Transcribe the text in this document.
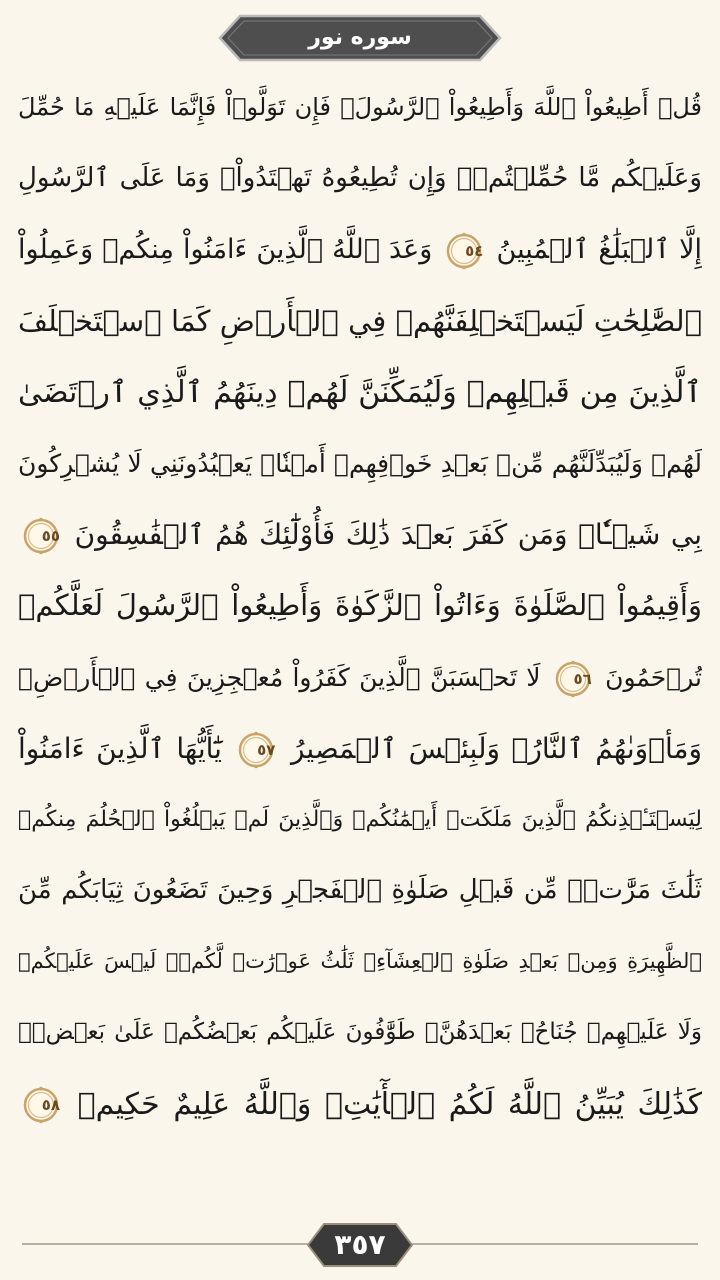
سوره نور
قُلۡ أَطِيعُواْ ٱللَّهَ وَأَطِيعُواْ ٱلرَّسُولَۖ فَإِن تَوَلَّوۡاْ فَإِنَّمَا عَلَيۡهِ مَا حُمِّلَ
وَعَلَيۡكُم مَّا حُمِّلۡتُمۡۖ وَإِن تُطِيعُوهُ تَهۡتَدُواْۚ وَمَا عَلَى ٱلرَّسُولِ
إِلَّا ٱلۡبَلَٰغُ ٱلۡمُبِينُ
٥٤
وَعَدَ ٱللَّهُ ٱلَّذِينَ ءَامَنُواْ مِنكُمۡ وَعَمِلُواْ
ٱلصَّٰلِحَٰتِ لَيَسۡتَخۡلِفَنَّهُمۡ فِي ٱلۡأَرۡضِ كَمَا ٱسۡتَخۡلَفَ
ٱلَّذِينَ مِن قَبۡلِهِمۡ وَلَيُمَكِّنَنَّ لَهُمۡ دِينَهُمُ ٱلَّذِي ٱرۡتَضَىٰ
لَهُمۡ وَلَيُبَدِّلَنَّهُم مِّنۢ بَعۡدِ خَوۡفِهِمۡ أَمۡنٗاۚ يَعۡبُدُونَنِي لَا يُشۡرِكُونَ
بِي شَيۡـٔٗاۚ وَمَن كَفَرَ بَعۡدَ ذَٰلِكَ فَأُوْلَٰٓئِكَ هُمُ ٱلۡفَٰسِقُونَ
٥٥
وَأَقِيمُواْ ٱلصَّلَوٰةَ وَءَاتُواْ ٱلزَّكَوٰةَ وَأَطِيعُواْ ٱلرَّسُولَ لَعَلَّكُمۡ
تُرۡحَمُونَ
٥٦
لَا تَحۡسَبَنَّ ٱلَّذِينَ كَفَرُواْ مُعۡجِزِينَ فِي ٱلۡأَرۡضِۚ
وَمَأۡوَىٰهُمُ ٱلنَّارُۖ وَلَبِئۡسَ ٱلۡمَصِيرُ
٥٧
يَٰٓأَيُّهَا ٱلَّذِينَ ءَامَنُواْ
لِيَسۡتَـٔۡذِنكُمُ ٱلَّذِينَ مَلَكَتۡ أَيۡمَٰنُكُمۡ وَٱلَّذِينَ لَمۡ يَبۡلُغُواْ ٱلۡحُلُمَ مِنكُمۡ
ثَلَٰثَ مَرَّٰتٖۚ مِّن قَبۡلِ صَلَوٰةِ ٱلۡفَجۡرِ وَحِينَ تَضَعُونَ ثِيَابَكُم مِّنَ
ٱلظَّهِيرَةِ وَمِنۢ بَعۡدِ صَلَوٰةِ ٱلۡعِشَآءِۚ ثَلَٰثُ عَوۡرَٰتٖ لَّكُمۡۚ لَيۡسَ عَلَيۡكُمۡ
وَلَا عَلَيۡهِمۡ جُنَاحُۢ بَعۡدَهُنَّۚ طَوَّٰفُونَ عَلَيۡكُم بَعۡضُكُمۡ عَلَىٰ بَعۡضٖۚ
كَذَٰلِكَ يُبَيِّنُ ٱللَّهُ لَكُمُ ٱلۡأٓيَٰتِۗ وَٱللَّهُ عَلِيمٌ حَكِيمٞ
٥٨
٣٥٧
